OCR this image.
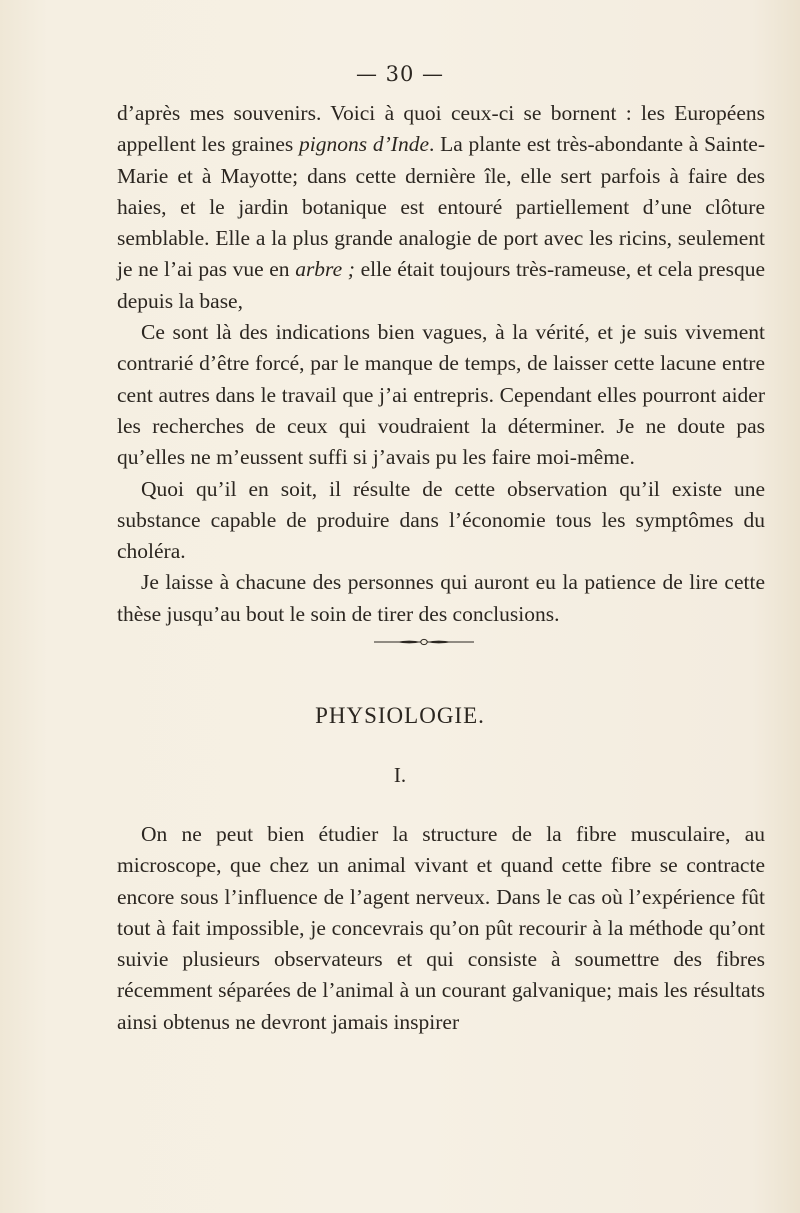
— 30 —

d’après mes souvenirs. Voici à quoi ceux-ci se bornent : les Européens appellent les graines pignons d’Inde. La plante est très-abondante à Sainte-Marie et à Mayotte; dans cette dernière île, elle sert parfois à faire des haies, et le jardin botanique est entouré partiellement d’une clôture semblable. Elle a la plus grande analogie de port avec les ricins, seulement je ne l’ai pas vue en arbre ; elle était toujours très-rameuse, et cela presque depuis la base,

Ce sont là des indications bien vagues, à la vérité, et je suis vivement contrarié d’être forcé, par le manque de temps, de laisser cette lacune entre cent autres dans le travail que j’ai entrepris. Cependant elles pourront aider les recherches de ceux qui voudraient la déterminer. Je ne doute pas qu’elles ne m’eussent suffi si j’avais pu les faire moi-même.

Quoi qu’il en soit, il résulte de cette observation qu’il existe une substance capable de produire dans l’économie tous les symptômes du choléra.

Je laisse à chacune des personnes qui auront eu la patience de lire cette thèse jusqu’au bout le soin de tirer des conclusions.

PHYSIOLOGIE.
I.

On ne peut bien étudier la structure de la fibre musculaire, au microscope, que chez un animal vivant et quand cette fibre se contracte encore sous l’influence de l’agent nerveux. Dans le cas où l’expérience fût tout à fait impossible, je concevrais qu’on pût recourir à la méthode qu’ont suivie plusieurs observateurs et qui consiste à soumettre des fibres récemment séparées de l’animal à un courant galvanique; mais les résultats ainsi obtenus ne devront jamais inspirer
